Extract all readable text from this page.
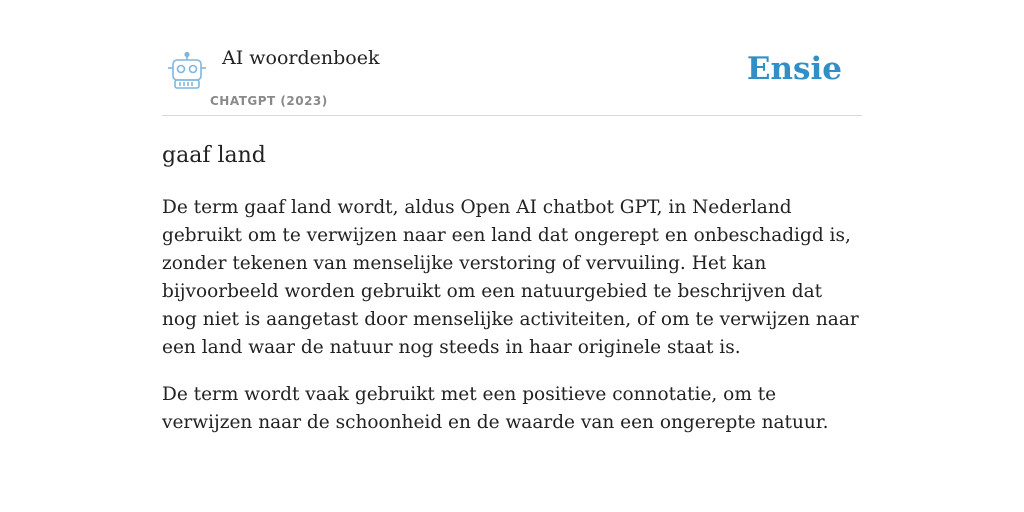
AI woordenboek
CHATGPT (2023)
Ensie
gaaf land

De term gaaf land wordt, aldus Open AI chatbot GPT, in Nederland gebruikt om te verwijzen naar een land dat ongerept en onbeschadigd is, zonder tekenen van menselijke verstoring of vervuiling. Het kan bijvoorbeeld worden gebruikt om een natuurgebied te beschrijven dat nog niet is aangetast door menselijke activiteiten, of om te verwijzen naar een land waar de natuur nog steeds in haar originele staat is.

De term wordt vaak gebruikt met een positieve connotatie, om te verwijzen naar de schoonheid en de waarde van een ongerepte natuur.
